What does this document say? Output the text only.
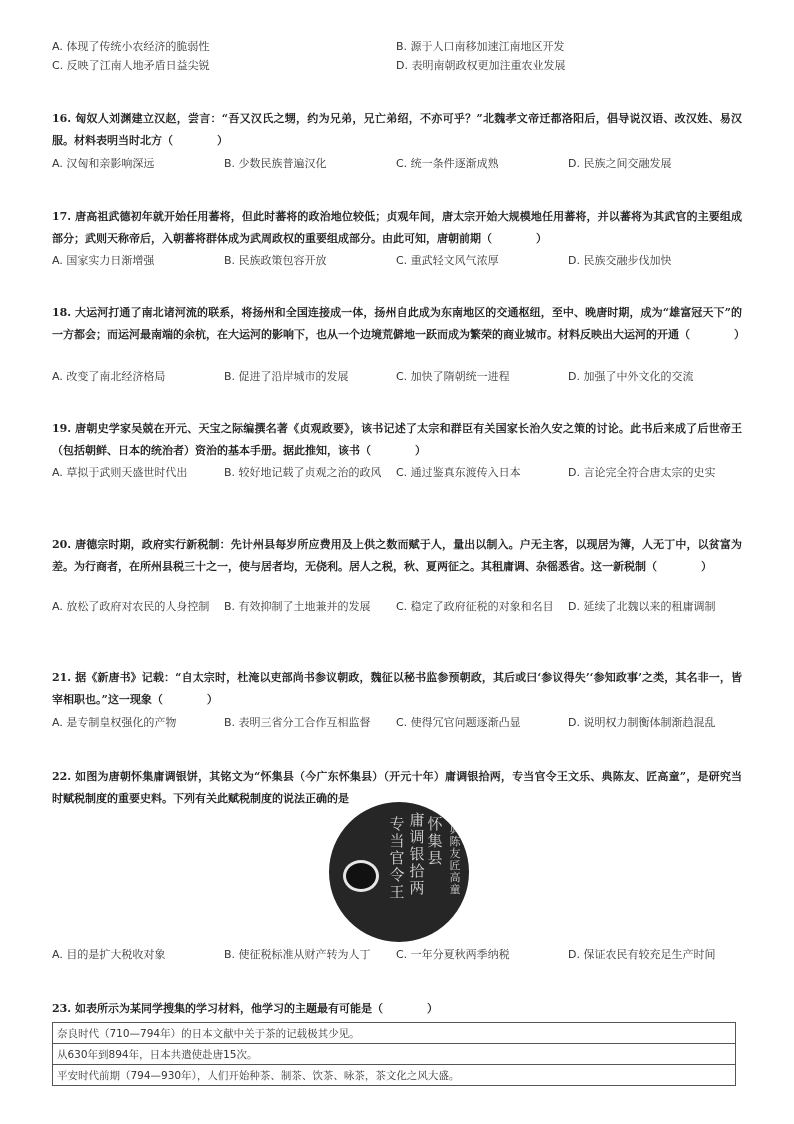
A. 体现了传统小农经济的脆弱性	B. 源于人口南移加速江南地区开发
C. 反映了江南人地矛盾日益尖锐	D. 表明南朝政权更加注重农业发展
16. 匈奴人刘渊建立汉赵，尝言：“吾又汉氏之甥，约为兄弟，兄亡弟绍，不亦可乎？”北魏孝文帝迁都洛阳后，倡导说汉语、改汉姓、易汉服。材料表明当时北方（　　　　）
A. 汉匈和亲影响深远	B. 少数民族普遍汉化	C. 统一条件逐渐成熟	D. 民族之间交融发展
17. 唐高祖武德初年就开始任用蕃将，但此时蕃将的政治地位较低；贞观年间，唐太宗开始大规模地任用蕃将，并以蕃将为其武官的主要组成部分；武则天称帝后，入朝蕃将群体成为武周政权的重要组成部分。由此可知，唐朝前期（　　　　）
A. 国家实力日渐增强	B. 民族政策包容开放	C. 重武轻文风气浓厚	D. 民族交融步伐加快
18. 大运河打通了南北诸河流的联系，将扬州和全国连接成一体，扬州自此成为东南地区的交通枢纽，至中、晚唐时期，成为“雄富冠天下”的一方都会；而运河最南端的余杭，在大运河的影响下，也从一个边境荒僻地一跃而成为繁荣的商业城市。材料反映出大运河的开通（　　　　）
A. 改变了南北经济格局	B. 促进了沿岸城市的发展	C. 加快了隋朝统一进程	D. 加强了中外文化的交流
19. 唐朝史学家吴兢在开元、天宝之际编撰名著《贞观政要》，该书记述了太宗和群臣有关国家长治久安之策的讨论。此书后来成了后世帝王（包括朝鲜、日本的统治者）资治的基本手册。据此推知，该书（　　　　）
A. 草拟于武则天盛世时代出	B. 较好地记载了贞观之治的政风	C. 通过鉴真东渡传入日本	D. 言论完全符合唐太宗的史实
20. 唐德宗时期，政府实行新税制：先计州县每岁所应费用及上供之数而赋于人，量出以制入。户无主客，以现居为簿，人无丁中，以贫富为差。为行商者，在所州县税三十之一，使与居者均，无侥利。居人之税，秋、夏两征之。其租庸调、杂徭悉省。这一新税制（　　　　）
A. 放松了政府对农民的人身控制	B. 有效抑制了土地兼并的发展	C. 稳定了政府征税的对象和名目	D. 延续了北魏以来的租庸调制
21. 据《新唐书》记载：“自太宗时，杜淹以吏部尚书参议朝政，魏征以秘书监参预朝政，其后或曰‘参议得失’‘参知政事’之类，其名非一，皆宰相职也。”这一现象（　　　　）
A. 是专制皇权强化的产物	B. 表明三省分工合作互相监督 C. 使得冗官问题逐渐凸显	D. 说明权力制衡体制渐趋混乱
22. 如图为唐朝怀集庸调银饼，其铭文为“怀集县（今广东怀集县）（开元十年）庸调银拾两，专当官令王文乐、典陈友、匠高童”，是研究当时赋税制度的重要史料。下列有关此赋税制度的说法正确的是
怀集县
庸调银拾两
专当官令王
典陈友匠高童
A. 目的是扩大税收对象	B. 使征税标准从财产转为人丁 C. 一年分夏秋两季纳税	D. 保证农民有较充足生产时间
23. 如表所示为某同学搜集的学习材料，他学习的主题最有可能是（　　　　）
奈良时代（710—794年）的日本文献中关于茶的记载极其少见。
从630年到894年，日本共遣使赴唐15次。
平安时代前期（794—930年），人们开始种茶、制茶、饮茶、咏茶，茶文化之风大盛。
